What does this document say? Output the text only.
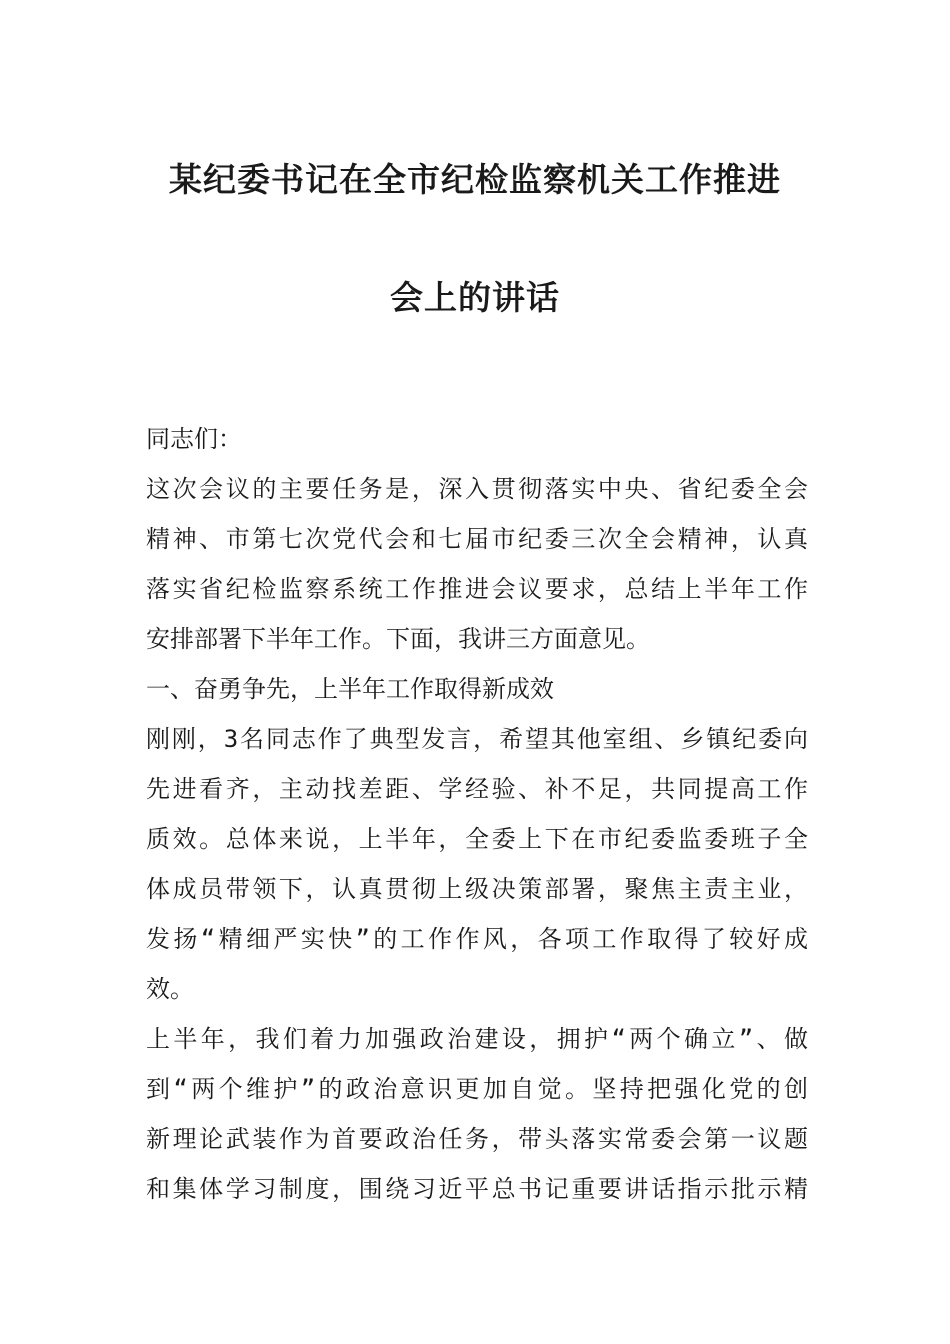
某纪委书记在全市纪检监察机关工作推进
会上的讲话
同志们：
这次会议的主要任务是，深入贯彻落实中央、省纪委全会
精神、市第七次党代会和七届市纪委三次全会精神，认真
落实省纪检监察系统工作推进会议要求，总结上半年工作
安排部署下半年工作。下面，我讲三方面意见。
一、奋勇争先，上半年工作取得新成效
刚刚，3名同志作了典型发言，希望其他室组、乡镇纪委向
先进看齐，主动找差距、学经验、补不足，共同提高工作
质效。总体来说，上半年，全委上下在市纪委监委班子全
体成员带领下，认真贯彻上级决策部署，聚焦主责主业，
发扬“精细严实快”的工作作风，各项工作取得了较好成
效。
上半年，我们着力加强政治建设，拥护“两个确立”、做
到“两个维护”的政治意识更加自觉。坚持把强化党的创
新理论武装作为首要政治任务，带头落实常委会第一议题
和集体学习制度，围绕习近平总书记重要讲话指示批示精
